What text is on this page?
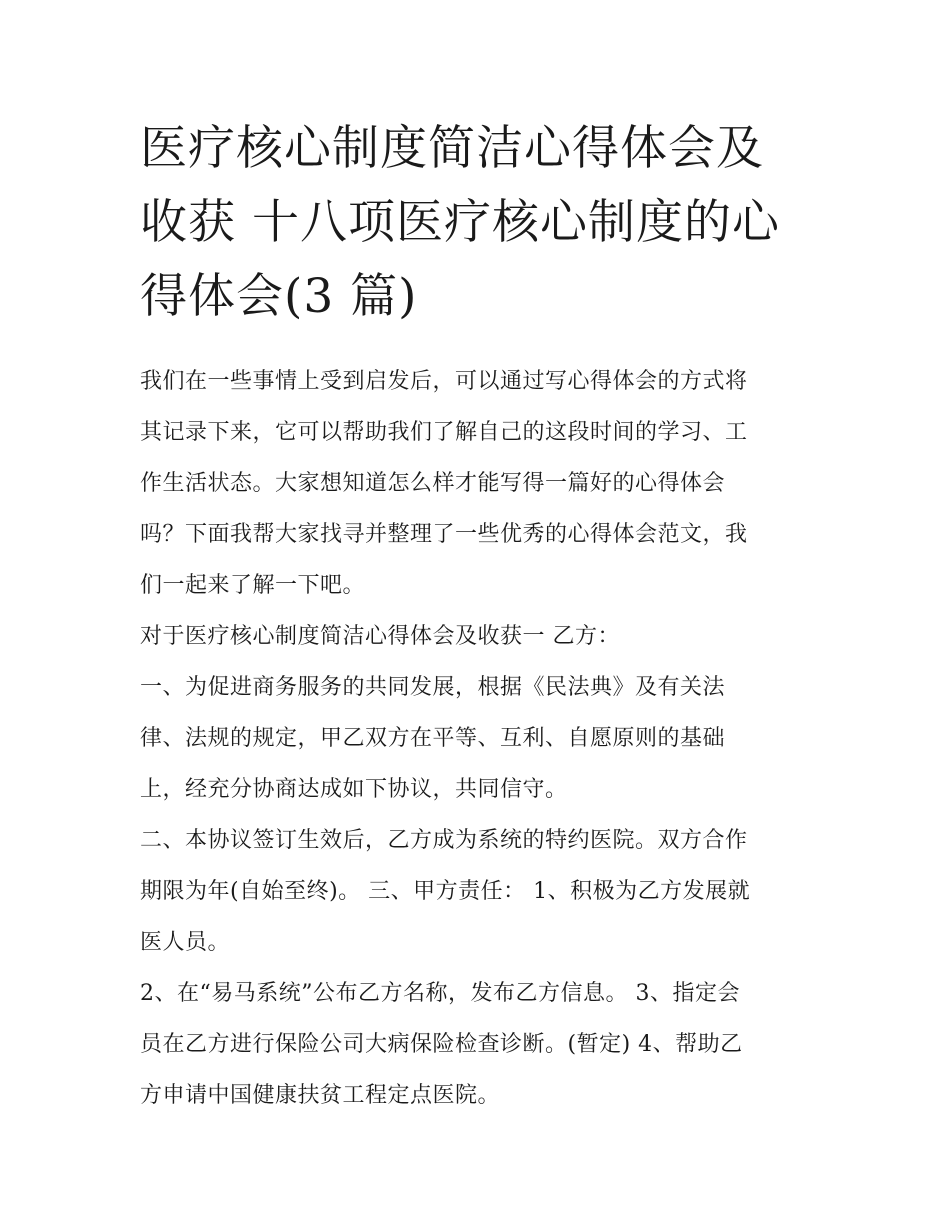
医疗核心制度简洁心得体会及
收获 十八项医疗核心制度的心
得体会(3 篇)

我们在一些事情上受到启发后，可以通过写心得体会的方式将
其记录下来，它可以帮助我们了解自己的这段时间的学习、工
作生活状态。大家想知道怎么样才能写得一篇好的心得体会
吗？下面我帮大家找寻并整理了一些优秀的心得体会范文，我
们一起来了解一下吧。

对于医疗核心制度简洁心得体会及收获一 乙方：

一、为促进商务服务的共同发展，根据《民法典》及有关法
律、法规的规定，甲乙双方在平等、互利、自愿原则的基础
上，经充分协商达成如下协议，共同信守。

二、本协议签订生效后，乙方成为系统的特约医院。双方合作
期限为年(自始至终)。 三、甲方责任： 1、积极为乙方发展就
医人员。

2、在“易马系统”公布乙方名称，发布乙方信息。 3、指定会
员在乙方进行保险公司大病保险检查诊断。(暂定) 4、帮助乙
方申请中国健康扶贫工程定点医院。
